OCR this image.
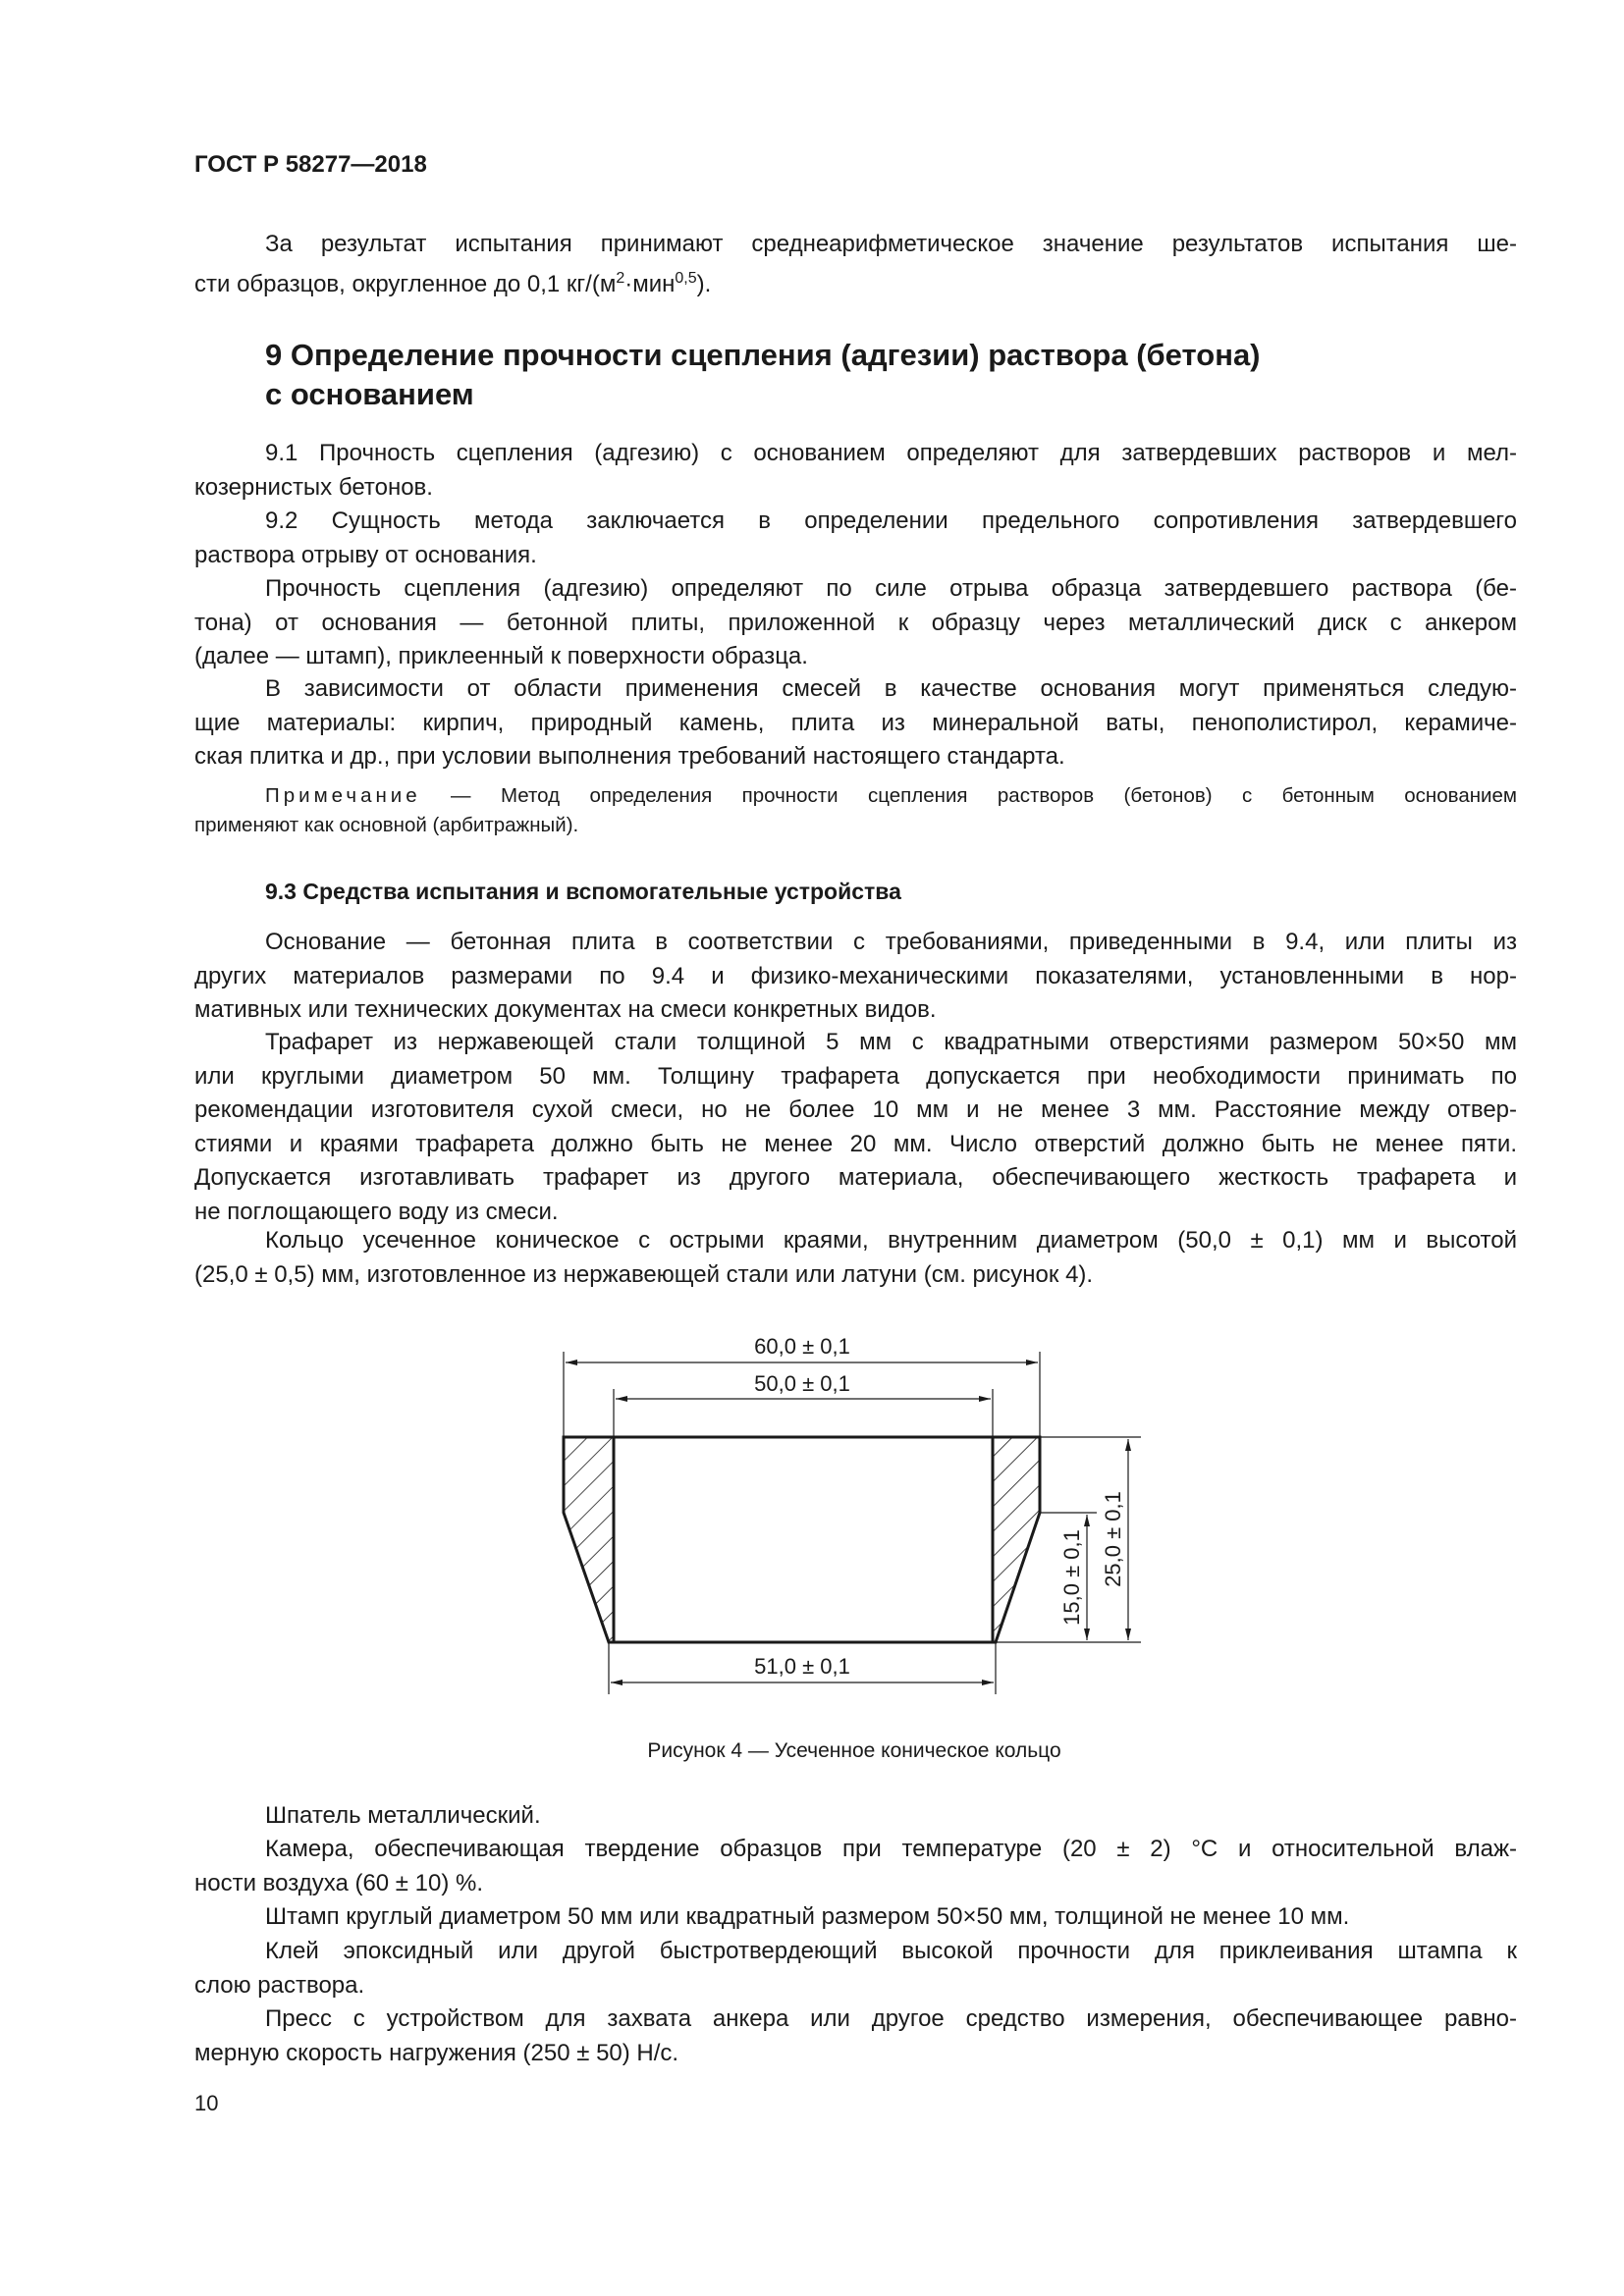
ГОСТ Р 58277—2018
За результат испытания принимают среднеарифметическое значение результатов испытания ше-
сти образцов, округленное до 0,1 $кг/(м^2\cdot мин^{0,5})$.
9 Определение прочности сцепления (адгезии) раствора (бетона)
с основанием
9.1 Прочность сцепления (адгезию) с основанием определяют для затвердевших растворов и мел-
козернистых бетонов.
9.2 Сущность метода заключается в определении предельного сопротивления затвердевшего
раствора отрыву от основания.
Прочность сцепления (адгезию) определяют по силе отрыва образца затвердевшего раствора (бе-
тона) от основания — бетонной плиты, приложенной к образцу через металлический диск с анкером
(далее — штамп), приклеенный к поверхности образца.
В зависимости от области применения смесей в качестве основания могут применяться следую-
щие материалы: кирпич, природный камень, плита из минеральной ваты, пенополистирол, керамиче-
ская плитка и др., при условии выполнения требований настоящего стандарта.
Примечание — Метод определения прочности сцепления растворов (бетонов) с бетонным основанием
применяют как основной (арбитражный).
9.3 Средства испытания и вспомогательные устройства
Основание — бетонная плита в соответствии с требованиями, приведенными в 9.4, или плиты из
других материалов размерами по 9.4 и физико-механическими показателями, установленными в нор-
мативных или технических документах на смеси конкретных видов.
Трафарет из нержавеющей стали толщиной 5 мм с квадратными отверстиями размером 50×50 мм
или круглыми диаметром 50 мм. Толщину трафарета допускается при необходимости принимать по
рекомендации изготовителя сухой смеси, но не более 10 мм и не менее 3 мм. Расстояние между отвер-
стиями и краями трафарета должно быть не менее 20 мм. Число отверстий должно быть не менее пяти.
Допускается изготавливать трафарет из другого материала, обеспечивающего жесткость трафарета и
не поглощающего воду из смеси.
Кольцо усеченное коническое с острыми краями, внутренним диаметром (50,0 ± 0,1) мм и высотой
(25,0 ± 0,5) мм, изготовленное из нержавеющей стали или латуни (см. рисунок 4).
60,0 ± 0,1
50,0 ± 0,1
51,0 ± 0,1
25,0 ± 0,1
15,0 ± 0,1
Рисунок 4 — Усеченное коническое кольцо
Шпатель металлический.
Камера, обеспечивающая твердение образцов при температуре (20 ± 2) °С и относительной влаж-
ности воздуха (60 ± 10) %.
Штамп круглый диаметром 50 мм или квадратный размером 50×50 мм, толщиной не менее 10 мм.
Клей эпоксидный или другой быстротвердеющий высокой прочности для приклеивания штампа к
слою раствора.
Пресс с устройством для захвата анкера или другое средство измерения, обеспечивающее равно-
мерную скорость нагружения (250 ± 50) Н/с.
10
